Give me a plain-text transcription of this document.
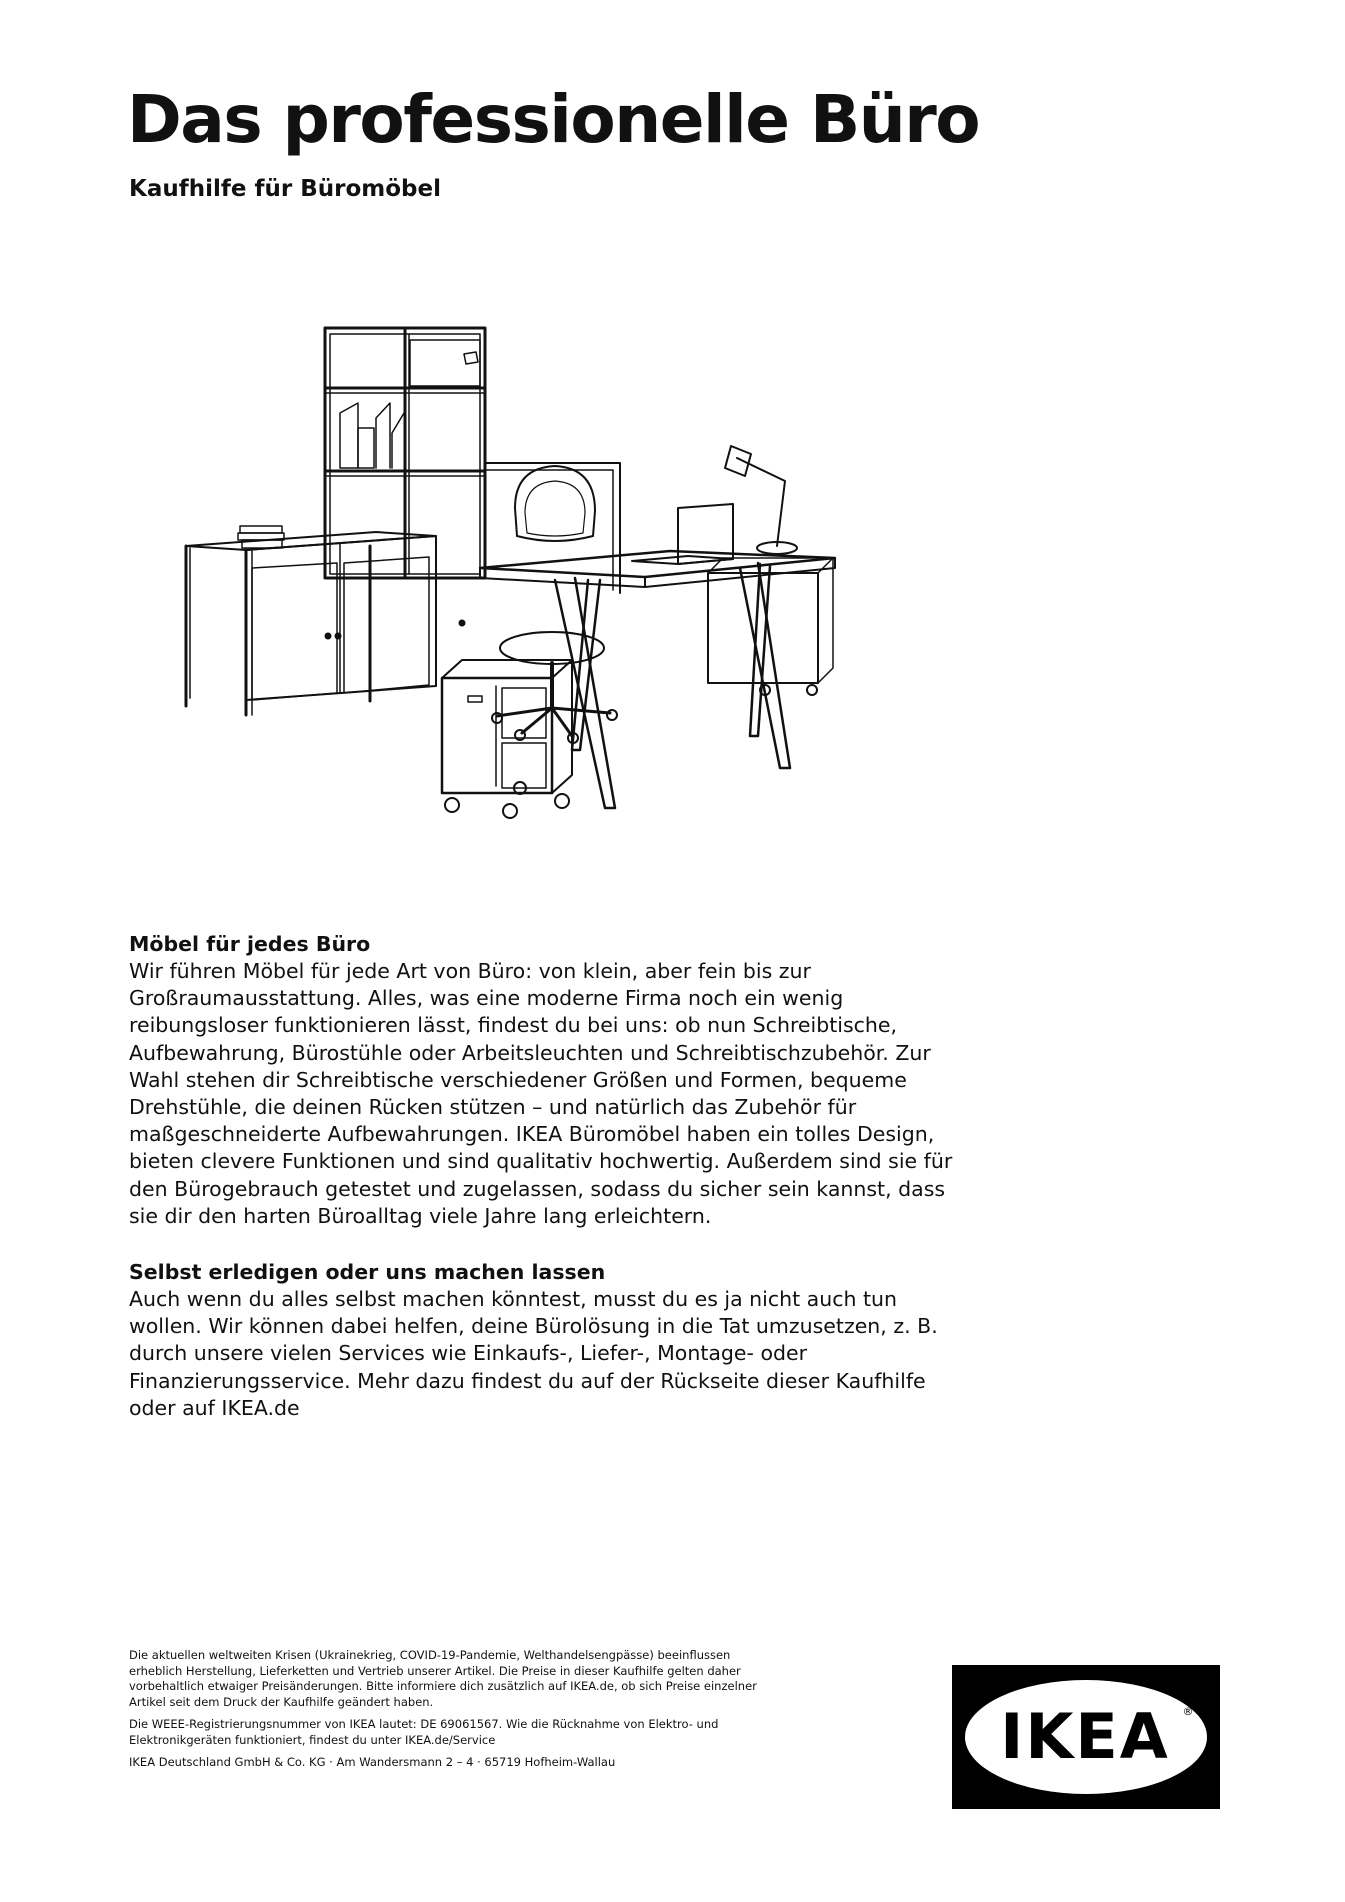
Das professionelle Büro
Kaufhilfe für Büromöbel
Möbel für jedes Büro

Wir führen Möbel für jede Art von Büro: von klein, aber fein bis zur Großraumausstattung. Alles, was eine moderne Firma noch ein wenig reibungsloser funktionieren lässt, findest du bei uns: ob nun Schreibtische, Aufbewahrung, Bürostühle oder Arbeitsleuchten und Schreibtischzubehör. Zur Wahl stehen dir Schreibtische verschiedener Größen und Formen, bequeme Drehstühle, die deinen Rücken stützen – und natürlich das Zubehör für maßgeschneiderte Aufbewahrungen. IKEA Büromöbel haben ein tolles Design, bieten clevere Funktionen und sind qualitativ hochwertig. Außerdem sind sie für den Bürogebrauch getestet und zugelassen, sodass du sicher sein kannst, dass sie dir den harten Büroalltag viele Jahre lang erleichtern.

Selbst erledigen oder uns machen lassen

Auch wenn du alles selbst machen könntest, musst du es ja nicht auch tun wollen. Wir können dabei helfen, deine Bürolösung in die Tat umzusetzen, z. B. durch unsere vielen Services wie Einkaufs-, Liefer-, Montage- oder Finanzierungsservice. Mehr dazu findest du auf der Rückseite dieser Kaufhilfe oder auf IKEA.de

Die aktuellen weltweiten Krisen (Ukrainekrieg, COVID-19-Pandemie, Welthandelsengpässe) beeinflussen erheblich Herstellung, Lieferketten und Vertrieb unserer Artikel. Die Preise in dieser Kaufhilfe gelten daher vorbehaltlich etwaiger Preisänderungen. Bitte informiere dich zusätzlich auf IKEA.de, ob sich Preise einzelner Artikel seit dem Druck der Kaufhilfe geändert haben.

Die WEEE-Registrierungsnummer von IKEA lautet: DE 69061567. Wie die Rücknahme von Elektro- und Elektronikgeräten funktioniert, findest du unter IKEA.de/Service

IKEA Deutschland GmbH & Co. KG · Am Wandersmann 2 – 4 · 65719 Hofheim-Wallau	IKEA ®
